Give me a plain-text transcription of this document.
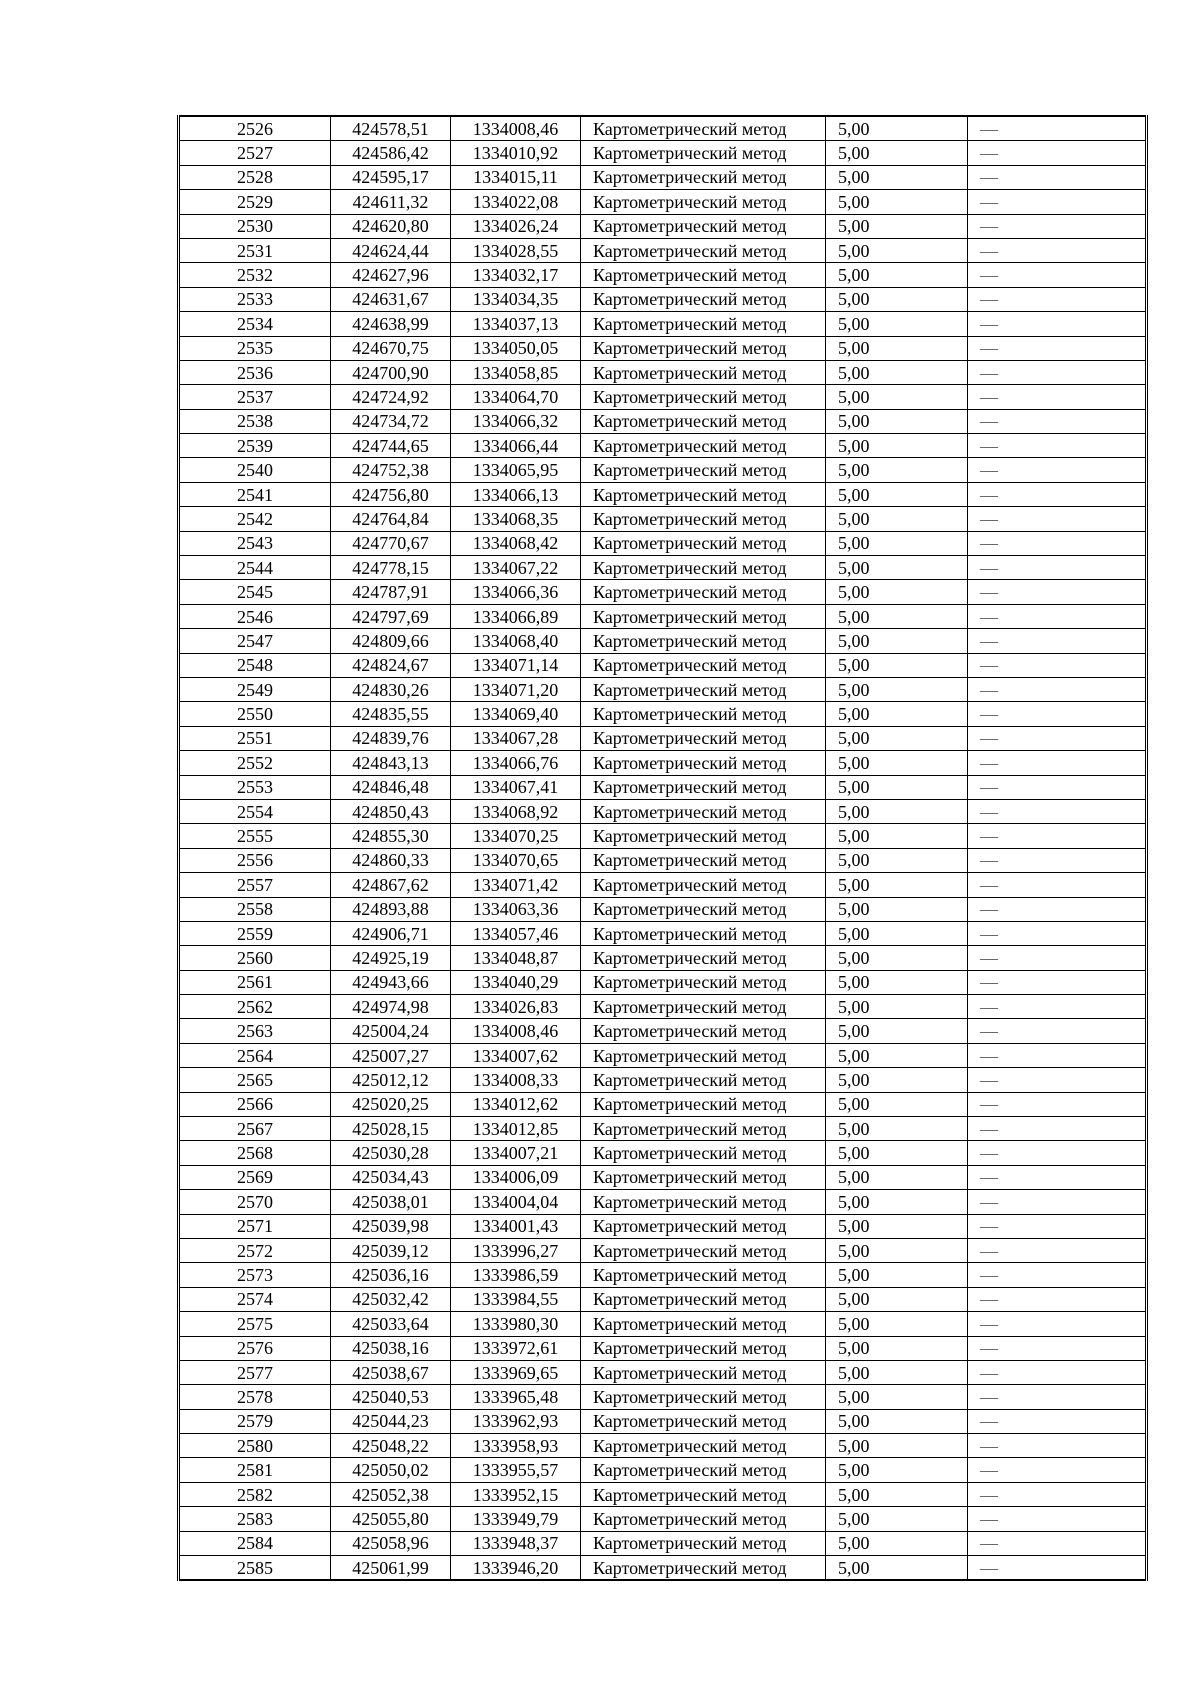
2526	424578,51	1334008,46	Картометрический метод	5,00	—
2527	424586,42	1334010,92	Картометрический метод	5,00	—
2528	424595,17	1334015,11	Картометрический метод	5,00	—
2529	424611,32	1334022,08	Картометрический метод	5,00	—
2530	424620,80	1334026,24	Картометрический метод	5,00	—
2531	424624,44	1334028,55	Картометрический метод	5,00	—
2532	424627,96	1334032,17	Картометрический метод	5,00	—
2533	424631,67	1334034,35	Картометрический метод	5,00	—
2534	424638,99	1334037,13	Картометрический метод	5,00	—
2535	424670,75	1334050,05	Картометрический метод	5,00	—
2536	424700,90	1334058,85	Картометрический метод	5,00	—
2537	424724,92	1334064,70	Картометрический метод	5,00	—
2538	424734,72	1334066,32	Картометрический метод	5,00	—
2539	424744,65	1334066,44	Картометрический метод	5,00	—
2540	424752,38	1334065,95	Картометрический метод	5,00	—
2541	424756,80	1334066,13	Картометрический метод	5,00	—
2542	424764,84	1334068,35	Картометрический метод	5,00	—
2543	424770,67	1334068,42	Картометрический метод	5,00	—
2544	424778,15	1334067,22	Картометрический метод	5,00	—
2545	424787,91	1334066,36	Картометрический метод	5,00	—
2546	424797,69	1334066,89	Картометрический метод	5,00	—
2547	424809,66	1334068,40	Картометрический метод	5,00	—
2548	424824,67	1334071,14	Картометрический метод	5,00	—
2549	424830,26	1334071,20	Картометрический метод	5,00	—
2550	424835,55	1334069,40	Картометрический метод	5,00	—
2551	424839,76	1334067,28	Картометрический метод	5,00	—
2552	424843,13	1334066,76	Картометрический метод	5,00	—
2553	424846,48	1334067,41	Картометрический метод	5,00	—
2554	424850,43	1334068,92	Картометрический метод	5,00	—
2555	424855,30	1334070,25	Картометрический метод	5,00	—
2556	424860,33	1334070,65	Картометрический метод	5,00	—
2557	424867,62	1334071,42	Картометрический метод	5,00	—
2558	424893,88	1334063,36	Картометрический метод	5,00	—
2559	424906,71	1334057,46	Картометрический метод	5,00	—
2560	424925,19	1334048,87	Картометрический метод	5,00	—
2561	424943,66	1334040,29	Картометрический метод	5,00	—
2562	424974,98	1334026,83	Картометрический метод	5,00	—
2563	425004,24	1334008,46	Картометрический метод	5,00	—
2564	425007,27	1334007,62	Картометрический метод	5,00	—
2565	425012,12	1334008,33	Картометрический метод	5,00	—
2566	425020,25	1334012,62	Картометрический метод	5,00	—
2567	425028,15	1334012,85	Картометрический метод	5,00	—
2568	425030,28	1334007,21	Картометрический метод	5,00	—
2569	425034,43	1334006,09	Картометрический метод	5,00	—
2570	425038,01	1334004,04	Картометрический метод	5,00	—
2571	425039,98	1334001,43	Картометрический метод	5,00	—
2572	425039,12	1333996,27	Картометрический метод	5,00	—
2573	425036,16	1333986,59	Картометрический метод	5,00	—
2574	425032,42	1333984,55	Картометрический метод	5,00	—
2575	425033,64	1333980,30	Картометрический метод	5,00	—
2576	425038,16	1333972,61	Картометрический метод	5,00	—
2577	425038,67	1333969,65	Картометрический метод	5,00	—
2578	425040,53	1333965,48	Картометрический метод	5,00	—
2579	425044,23	1333962,93	Картометрический метод	5,00	—
2580	425048,22	1333958,93	Картометрический метод	5,00	—
2581	425050,02	1333955,57	Картометрический метод	5,00	—
2582	425052,38	1333952,15	Картометрический метод	5,00	—
2583	425055,80	1333949,79	Картометрический метод	5,00	—
2584	425058,96	1333948,37	Картометрический метод	5,00	—
2585	425061,99	1333946,20	Картометрический метод	5,00	—
